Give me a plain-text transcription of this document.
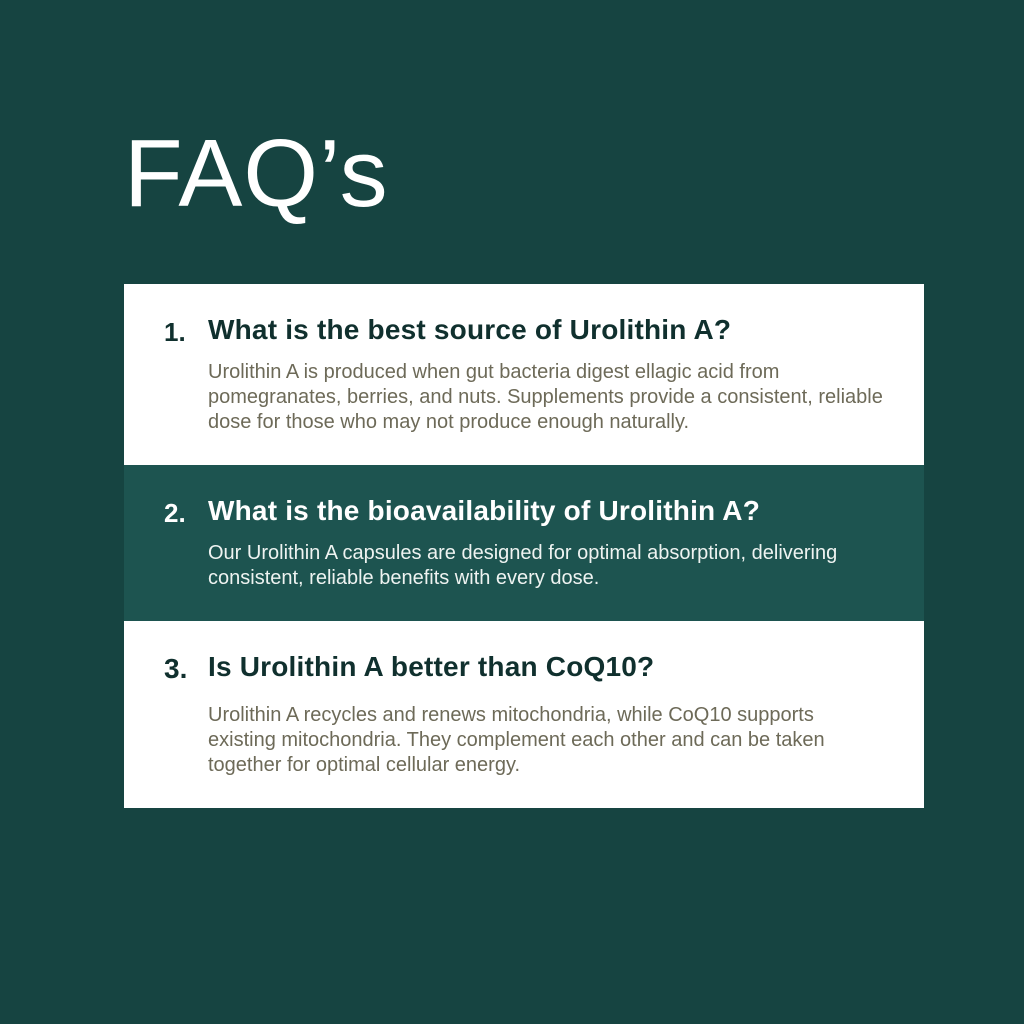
FAQ’s
1. What is the best source of Urolithin A?
Urolithin A is produced when gut bacteria digest ellagic acid from pomegranates, berries, and nuts. Supplements provide a consistent, reliable dose for those who may not produce enough naturally.
2. What is the bioavailability of Urolithin A?
Our Urolithin A capsules are designed for optimal absorption, delivering consistent, reliable benefits with every dose.
3. Is Urolithin A better than CoQ10?
Urolithin A recycles and renews mitochondria, while CoQ10 supports existing mitochondria. They complement each other and can be taken together for optimal cellular energy.
